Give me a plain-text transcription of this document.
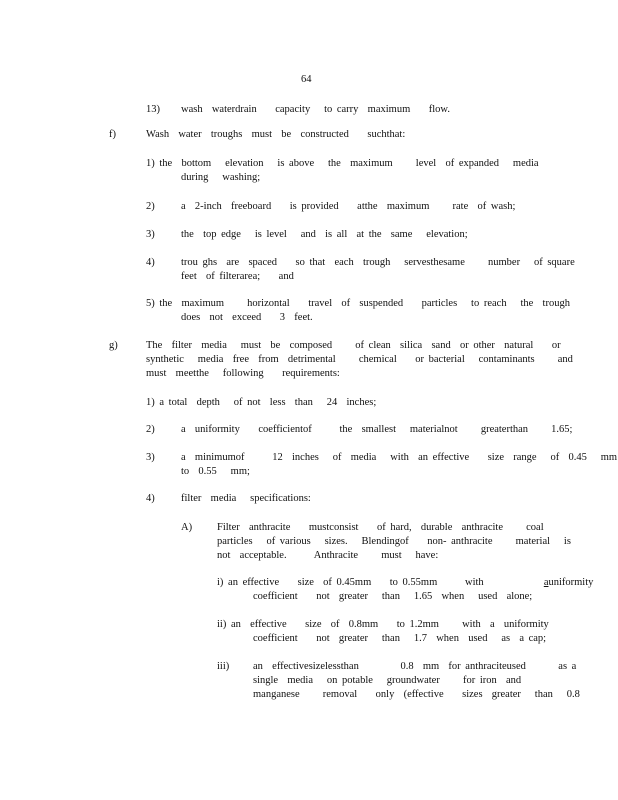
64
13) wash  waterdrain    capacity   to carry  maximum    flow.
f)	Wash  water  troughs  must  be  constructed    suchthat:
1) the  bottom   elevation   is above   the  maximum     level  of expanded   media
during   washing;
2)	a  2-inch  freeboard    is provided    atthe  maximum     rate  of wash;
3)	the  top edge   is level   and  is all  at the  same   elevation;
4)	trou ghs  are  spaced    so that  each  trough   servesthesame     number   of square
feet  of filterarea;    and
5) the  maximum     horizontal    travel  of  suspended    particles   to reach   the  trough
does  not  exceed    3  feet.
g)	The  filter  media   must  be  composed     of clean  silica  sand  or other  natural    or
synthetic   media  free  from  detrimental     chemical    or bacterial   contaminants     and
must  meetthe   following    requirements:
1) a total  depth   of not  less  than   24  inches;
2)	a  uniformity    coefficientof      the  smallest   materialnot     greaterthan     1.65;
3)	a  minimumof      12  inches   of  media   with  an effective    size  range   of  0.45   mm
to  0.55   mm;
4)	filter  media   specifications:
A) Filter  anthracite    mustconsist    of hard,  durable  anthracite     coal
particles   of various   sizes.   Blendingof    non- anthracite     material   is
not  acceptable.      Anthracite     must   have:
i) an effective    size  of 0.45mm    to 0.55mm      with             auniformity
coefficient    not  greater   than   1.65  when   used  alone;
ii) an  effective    size  of  0.8mm    to 1.2mm     with  a  uniformity
coefficient    not  greater   than   1.7  when  used   as  a cap;
iii) an  effectivesizelessthan         0.8  mm  for anthraciteused       as a
single  media   on potable   groundwater     for iron  and
manganese     removal    only  (effective    sizes  greater   than   0.8
